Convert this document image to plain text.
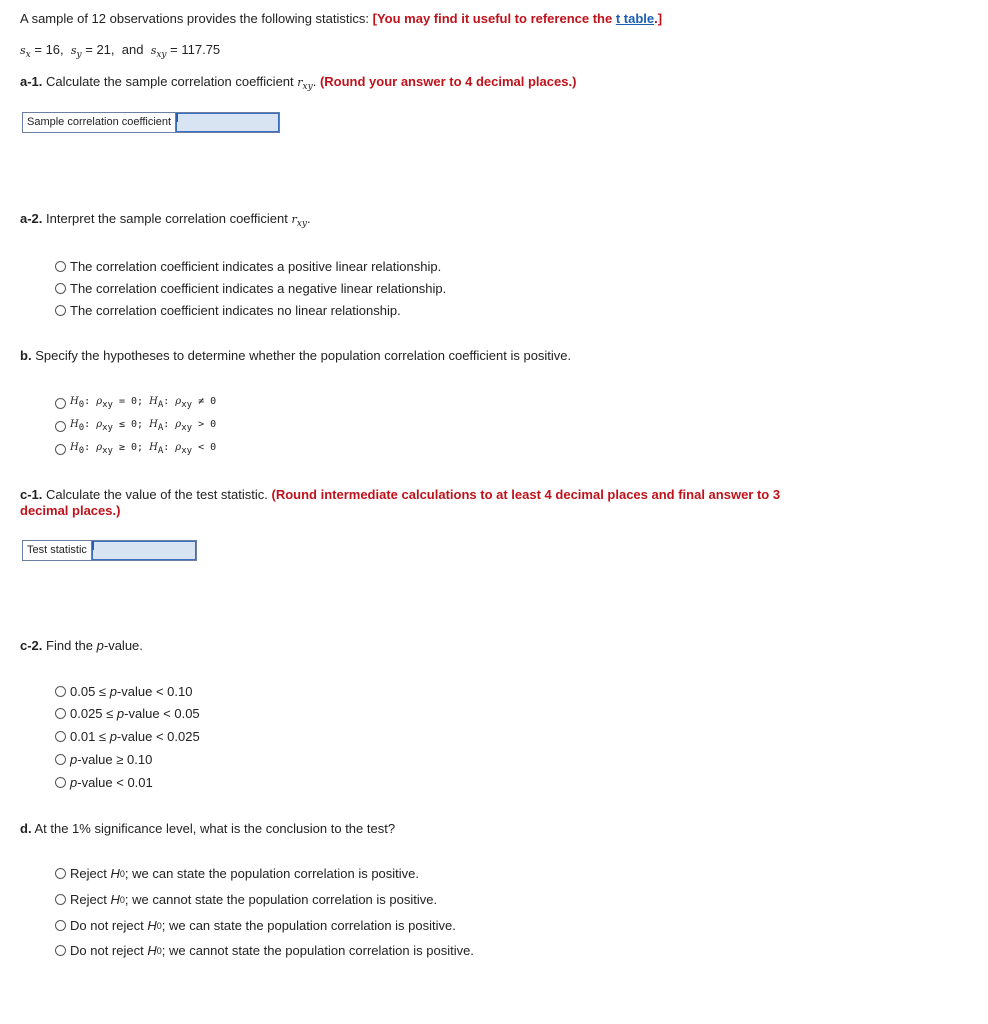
A sample of 12 observations provides the following statistics: [You may find it useful to reference the t table.]
$s_x = 16$, $s_y = 21$, and $s_{xy} = 117.75$
a-1. Calculate the sample correlation coefficient $r_{xy}$. (Round your answer to 4 decimal places.)
Sample correlation coefficient
a-2. Interpret the sample correlation coefficient $r_{xy}$.
The correlation coefficient indicates a positive linear relationship.
The correlation coefficient indicates a negative linear relationship.
The correlation coefficient indicates no linear relationship.
b. Specify the hypotheses to determine whether the population correlation coefficient is positive.
$H_0$: $\rho_{xy} = 0$; $H_A$: $\rho_{xy} \ne 0$
$H_0$: $\rho_{xy} \le 0$; $H_A$: $\rho_{xy} > 0$
$H_0$: $\rho_{xy} \ge 0$; $H_A$: $\rho_{xy} < 0$
c-1. Calculate the value of the test statistic. (Round intermediate calculations to at least 4 decimal places and final answer to 3 decimal places.)
Test statistic
c-2. Find the p-value.
0.05 ≤
p -value < 0.10
0.025 ≤
p -value < 0.05
0.01 ≤
p -value < 0.025
p -value ≥ 0.10
p -value < 0.01
d. At the 1% significance level, what is the conclusion to the test?
Reject
H 0 ; we can state the population correlation is positive.
Reject
H 0 ; we cannot state the population correlation is positive.
Do not reject
H 0 ; we can state the population correlation is positive.
Do not reject
H 0 ; we cannot state the population correlation is positive.
